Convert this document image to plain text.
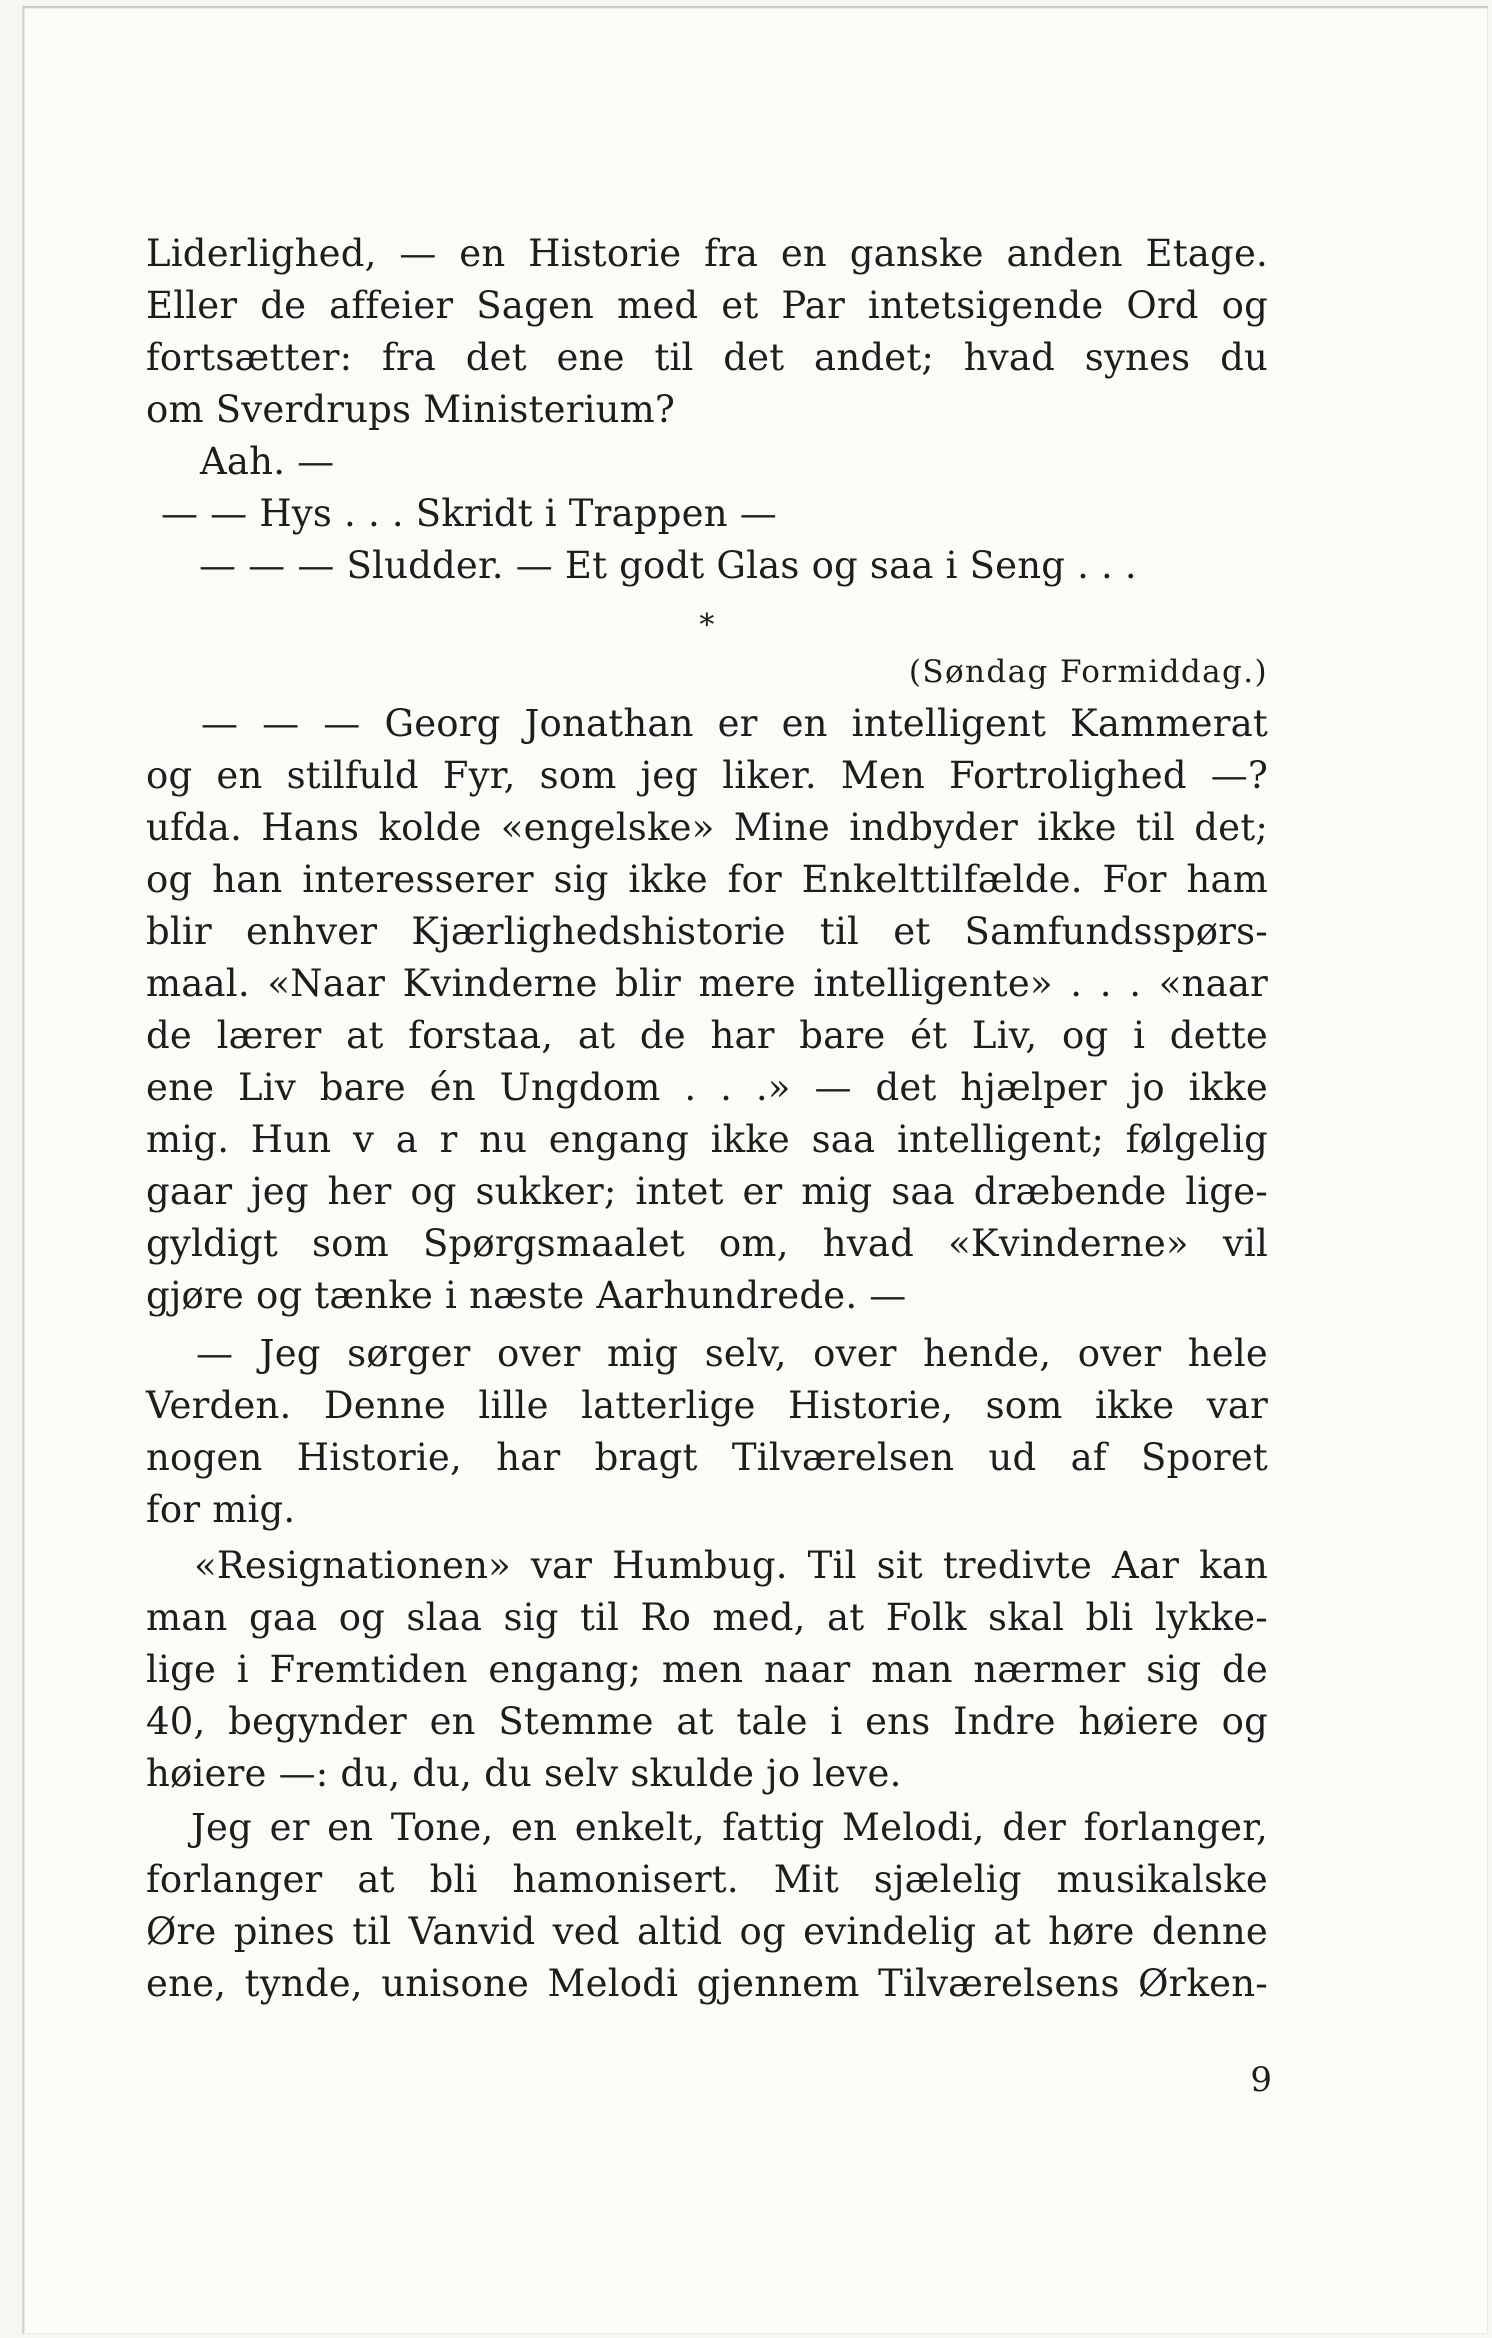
Liderlighed, — en Historie fra en ganske anden Etage.
Eller de affeier Sagen med et Par intetsigende Ord og
fortsætter: fra det ene til det andet; hvad synes du
om Sverdrups Ministerium?
Aah. —
— — Hys . . . Skridt i Trappen —
— — — Sludder. — Et godt Glas og saa i Seng . . .
*
(Søndag Formiddag.)
— — — Georg Jonathan er en intelligent Kammerat
og en stilfuld Fyr, som jeg liker. Men Fortrolighed —?
ufda. Hans kolde «engelske» Mine indbyder ikke til det;
og han interesserer sig ikke for Enkelttilfælde. For ham
blir enhver Kjærlighedshistorie til et Samfundsspørs-
maal. «Naar Kvinderne blir mere intelligente» . . . «naar
de lærer at forstaa, at de har bare ét Liv, og i dette
ene Liv bare én Ungdom . . .» — det hjælper jo ikke
mig. Hun v a r nu engang ikke saa intelligent; følgelig
gaar jeg her og sukker; intet er mig saa dræbende lige-
gyldigt som Spørgsmaalet om, hvad «Kvinderne» vil
gjøre og tænke i næste Aarhundrede. —
— Jeg sørger over mig selv, over hende, over hele
Verden. Denne lille latterlige Historie, som ikke var
nogen Historie, har bragt Tilværelsen ud af Sporet
for mig.
«Resignationen» var Humbug. Til sit tredivte Aar kan
man gaa og slaa sig til Ro med, at Folk skal bli lykke-
lige i Fremtiden engang; men naar man nærmer sig de
40, begynder en Stemme at tale i ens Indre høiere og
høiere —: du, du, du selv skulde jo leve.
Jeg er en Tone, en enkelt, fattig Melodi, der forlanger,
forlanger at bli hamonisert. Mit sjælelig musikalske
Øre pines til Vanvid ved altid og evindelig at høre denne
ene, tynde, unisone Melodi gjennem Tilværelsens Ørken-
9
